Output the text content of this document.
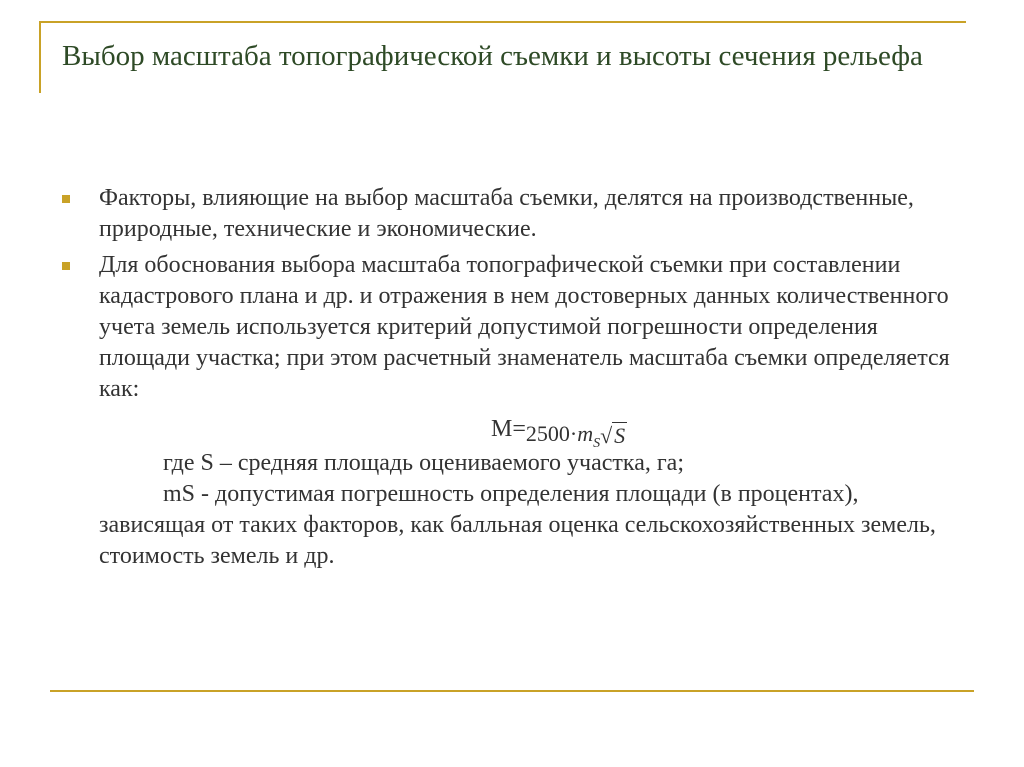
Выбор масштаба топографической съемки и высоты сечения рельефа
Факторы, влияющие на выбор масштаба съемки, делятся на производственные, природные, технические и экономические.
Для обоснования выбора масштаба топографической съемки при составлении кадастрового плана и др. и отражения в нем достоверных данных количественного учета земель используется критерий допустимой погрешности определения площади участка; при этом расчетный знаменатель масштаба съемки определяется как:
$М=2500\cdot m_S√S$

где S – средняя площадь оцениваемого участка, га;

mS - допустимая погрешность определения площади (в процентах), зависящая от таких факторов, как балльная оценка сельскохозяйственных земель, стоимость земель и др.
